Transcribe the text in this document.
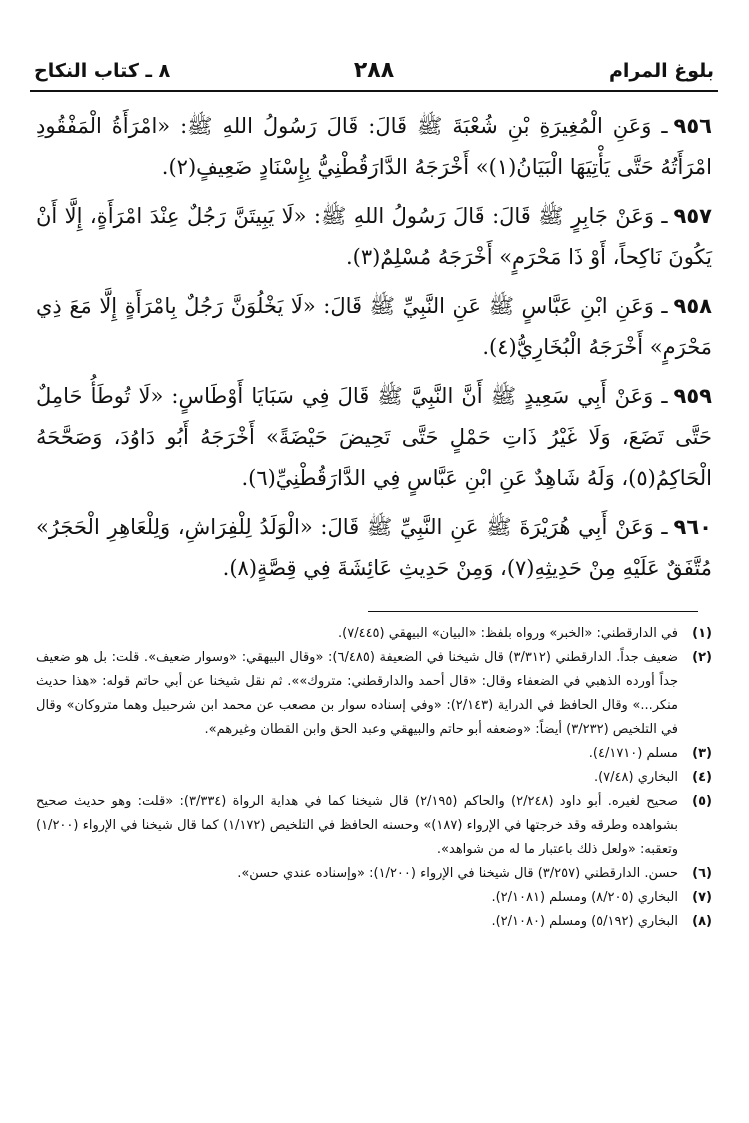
بلوغ المرام
٢٨٨
٨ ـ كتاب النكاح

٩٥٦ـ وَعَنِ الْمُغِيرَةِ بْنِ شُعْبَةَ ﷺ قَالَ: قَالَ رَسُولُ اللهِ ﷺ: «امْرَأَةُ الْمَفْقُودِ امْرَأَتُهُ حَتَّى يَأْتِيَهَا الْبَيَانُ(١)» أَخْرَجَهُ الدَّارَقُطْنِيُّ بِإِسْنَادٍ ضَعِيفٍ(٢).

٩٥٧ـ وَعَنْ جَابِرٍ ﷺ قَالَ: قَالَ رَسُولُ اللهِ ﷺ: «لَا يَبِيتَنَّ رَجُلٌ عِنْدَ امْرَأَةٍ، إِلَّا أَنْ يَكُونَ نَاكِحاً، أَوْ ذَا مَحْرَمٍ» أَخْرَجَهُ مُسْلِمٌ(٣).

٩٥٨ـ وَعَنِ ابْنِ عَبَّاسٍ ﷺ عَنِ النَّبِيِّ ﷺ قَالَ: «لَا يَخْلُوَنَّ رَجُلٌ بِامْرَأَةٍ إِلَّا مَعَ ذِي مَحْرَمٍ» أَخْرَجَهُ الْبُخَارِيُّ(٤).

٩٥٩ـ وَعَنْ أَبِي سَعِيدٍ ﷺ أَنَّ النَّبِيَّ ﷺ قَالَ فِي سَبَايَا أَوْطَاسٍ: «لَا تُوطَأُ حَامِلٌ حَتَّى تَضَعَ، وَلَا غَيْرُ ذَاتِ حَمْلٍ حَتَّى تَحِيضَ حَيْضَةً» أَخْرَجَهُ أَبُو دَاوُدَ، وَصَحَّحَهُ الْحَاكِمُ(٥)، وَلَهُ شَاهِدٌ عَنِ ابْنِ عَبَّاسٍ فِي الدَّارَقُطْنِيِّ(٦).

٩٦٠ـ وَعَنْ أَبِي هُرَيْرَةَ ﷺ عَنِ النَّبِيِّ ﷺ قَالَ: «الْوَلَدُ لِلْفِرَاشِ، وَلِلْعَاهِرِ الْحَجَرُ» مُتَّفَقٌ عَلَيْهِ مِنْ حَدِيثِهِ(٧)، وَمِنْ حَدِيثِ عَائِشَةَ فِي قِصَّةٍ(٨).

(١)
في الدارقطني: «الخبر» ورواه بلفظ: «البيان» البيهقي (٧/٤٤٥).
(٢)
ضعيف جداً. الدارقطني (٣/٣١٢) قال شيخنا في الضعيفة (٦/٤٨٥): «وقال البيهقي: «وسوار ضعيف». قلت: بل هو ضعيف جداً أورده الذهبي في الضعفاء وقال: «قال أحمد والدارقطني: متروك»». ثم نقل شيخنا عن أبي حاتم قوله: «هذا حديث منكر...» وقال الحافظ في الدراية (٢/١٤٣): «وفي إسناده سوار بن مصعب عن محمد ابن شرحبيل وهما متروكان» وقال في التلخيص (٣/٢٣٢) أيضاً: «وضعفه أبو حاتم والبيهقي وعبد الحق وابن القطان وغيرهم».
(٣)
مسلم (٤/١٧١٠).
(٤)
البخاري (٧/٤٨).
(٥)
صحيح لغيره. أبو داود (٢/٢٤٨) والحاكم (٢/١٩٥) قال شيخنا كما في هداية الرواة (٣/٣٣٤): «قلت: وهو حديث صحيح بشواهده وطرقه وقد خرجتها في الإرواء (١٨٧)» وحسنه الحافظ في التلخيص (١/١٧٢) كما قال شيخنا في الإرواء (١/٢٠٠) وتعقبه: «ولعل ذلك باعتبار ما له من شواهد».
(٦)
حسن. الدارقطني (٣/٢٥٧) قال شيخنا في الإرواء (١/٢٠٠): «وإسناده عندي حسن».
(٧)
البخاري (٨/٢٠٥) ومسلم (٢/١٠٨١).
(٨)
البخاري (٥/١٩٢) ومسلم (٢/١٠٨٠).
